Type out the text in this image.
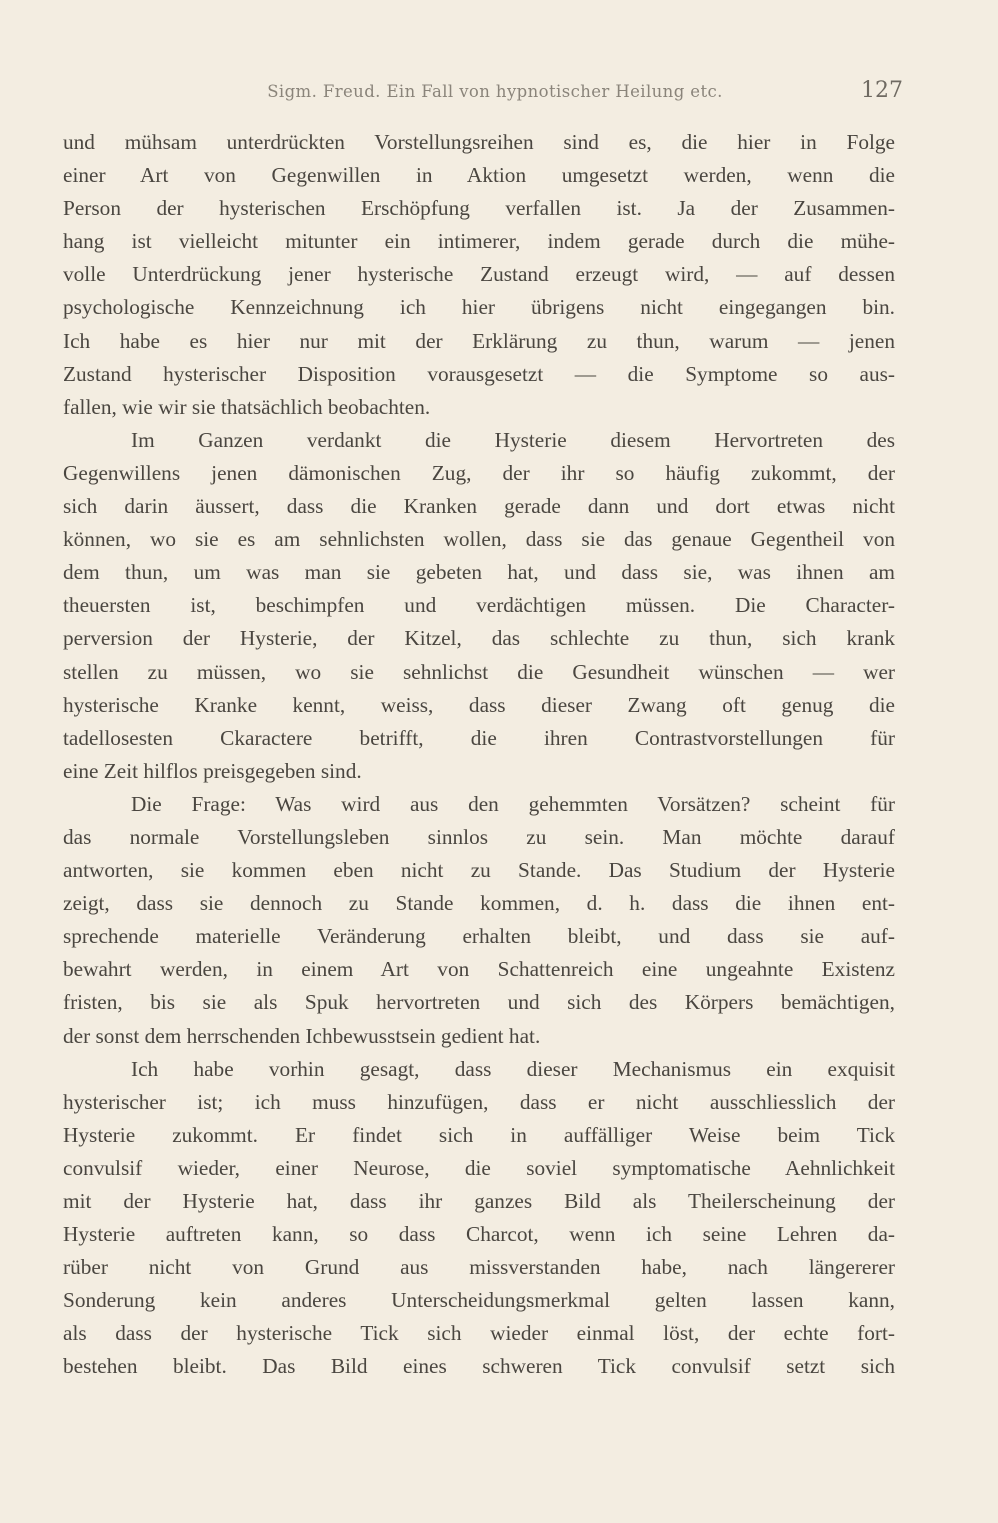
Sigm. Freud. Ein Fall von hypnotischer Heilung etc.	127
und mühsam unterdrückten Vorstellungsreihen sind es, die hier in Folge
einer Art von Gegenwillen in Aktion umgesetzt werden, wenn die
Person der hysterischen Erschöpfung verfallen ist. Ja der Zusammen-
hang ist vielleicht mitunter ein intimerer, indem gerade durch die mühe-
volle Unterdrückung jener hysterische Zustand erzeugt wird, — auf dessen
psychologische Kennzeichnung ich hier übrigens nicht eingegangen bin.
Ich habe es hier nur mit der Erklärung zu thun, warum — jenen
Zustand hysterischer Disposition vorausgesetzt — die Symptome so aus-
fallen, wie wir sie thatsächlich beobachten.
Im Ganzen verdankt die Hysterie diesem Hervortreten des
Gegenwillens jenen dämonischen Zug, der ihr so häufig zukommt, der
sich darin äussert, dass die Kranken gerade dann und dort etwas nicht
können, wo sie es am sehnlichsten wollen, dass sie das genaue Gegentheil von
dem thun, um was man sie gebeten hat, und dass sie, was ihnen am
theuersten ist, beschimpfen und verdächtigen müssen. Die Character-
perversion der Hysterie, der Kitzel, das schlechte zu thun, sich krank
stellen zu müssen, wo sie sehnlichst die Gesundheit wünschen — wer
hysterische Kranke kennt, weiss, dass dieser Zwang oft genug die
tadellosesten Ckaractere betrifft, die ihren Contrastvorstellungen für
eine Zeit hilflos preisgegeben sind.
Die Frage: Was wird aus den gehemmten Vorsätzen? scheint für
das normale Vorstellungsleben sinnlos zu sein. Man möchte darauf
antworten, sie kommen eben nicht zu Stande. Das Studium der Hysterie
zeigt, dass sie dennoch zu Stande kommen, d. h. dass die ihnen ent-
sprechende materielle Veränderung erhalten bleibt, und dass sie auf-
bewahrt werden, in einem Art von Schattenreich eine ungeahnte Existenz
fristen, bis sie als Spuk hervortreten und sich des Körpers bemächtigen,
der sonst dem herrschenden Ichbewusstsein gedient hat.
Ich habe vorhin gesagt, dass dieser Mechanismus ein exquisit
hysterischer ist; ich muss hinzufügen, dass er nicht ausschliesslich der
Hysterie zukommt. Er findet sich in auffälliger Weise beim Tick
convulsif wieder, einer Neurose, die soviel symptomatische Aehnlichkeit
mit der Hysterie hat, dass ihr ganzes Bild als Theilerscheinung der
Hysterie auftreten kann, so dass Charcot, wenn ich seine Lehren da-
rüber nicht von Grund aus missverstanden habe, nach längererer
Sonderung kein anderes Unterscheidungsmerkmal gelten lassen kann,
als dass der hysterische Tick sich wieder einmal löst, der echte fort-
bestehen bleibt. Das Bild eines schweren Tick convulsif setzt sich
